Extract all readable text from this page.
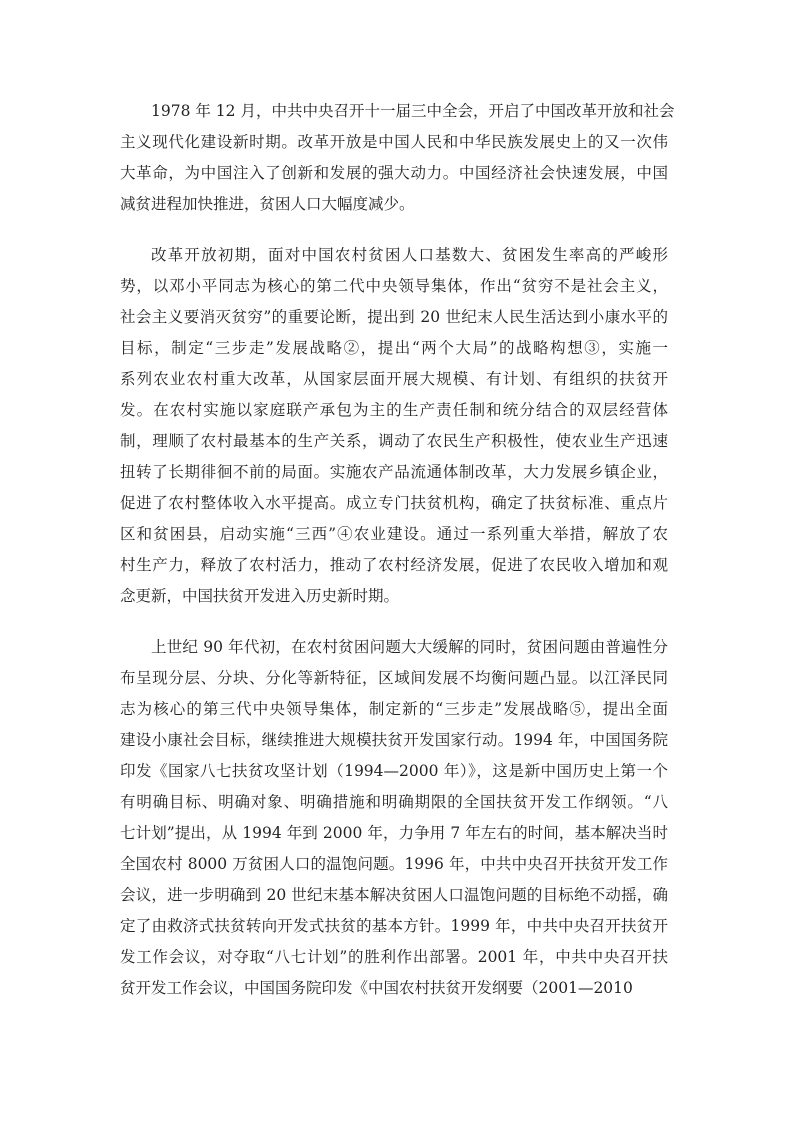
1978 年 12 月，中共中央召开十一届三中全会，开启了中国改革开放和社会
主义现代化建设新时期。改革开放是中国人民和中华民族发展史上的又一次伟
大革命，为中国注入了创新和发展的强大动力。中国经济社会快速发展，中国
减贫进程加快推进，贫困人口大幅度减少。

改革开放初期，面对中国农村贫困人口基数大、贫困发生率高的严峻形
势，以邓小平同志为核心的第二代中央领导集体，作出“贫穷不是社会主义，
社会主义要消灭贫穷”的重要论断，提出到 20 世纪末人民生活达到小康水平的
目标，制定“三步走”发展战略②，提出“两个大局”的战略构想③，实施一
系列农业农村重大改革，从国家层面开展大规模、有计划、有组织的扶贫开
发。在农村实施以家庭联产承包为主的生产责任制和统分结合的双层经营体
制，理顺了农村最基本的生产关系，调动了农民生产积极性，使农业生产迅速
扭转了长期徘徊不前的局面。实施农产品流通体制改革，大力发展乡镇企业，
促进了农村整体收入水平提高。成立专门扶贫机构，确定了扶贫标准、重点片
区和贫困县，启动实施“三西”④农业建设。通过一系列重大举措，解放了农
村生产力，释放了农村活力，推动了农村经济发展，促进了农民收入增加和观
念更新，中国扶贫开发进入历史新时期。

上世纪 90 年代初，在农村贫困问题大大缓解的同时，贫困问题由普遍性分
布呈现分层、分块、分化等新特征，区域间发展不均衡问题凸显。以江泽民同
志为核心的第三代中央领导集体，制定新的“三步走”发展战略⑤，提出全面
建设小康社会目标，继续推进大规模扶贫开发国家行动。1994 年，中国国务院
印发《国家八七扶贫攻坚计划（1994—2000 年）》，这是新中国历史上第一个
有明确目标、明确对象、明确措施和明确期限的全国扶贫开发工作纲领。“八
七计划”提出，从 1994 年到 2000 年，力争用 7 年左右的时间，基本解决当时
全国农村 8000 万贫困人口的温饱问题。1996 年，中共中央召开扶贫开发工作
会议，进一步明确到 20 世纪末基本解决贫困人口温饱问题的目标绝不动摇，确
定了由救济式扶贫转向开发式扶贫的基本方针。1999 年，中共中央召开扶贫开
发工作会议，对夺取“八七计划”的胜利作出部署。2001 年，中共中央召开扶
贫开发工作会议，中国国务院印发《中国农村扶贫开发纲要（2001—2010
